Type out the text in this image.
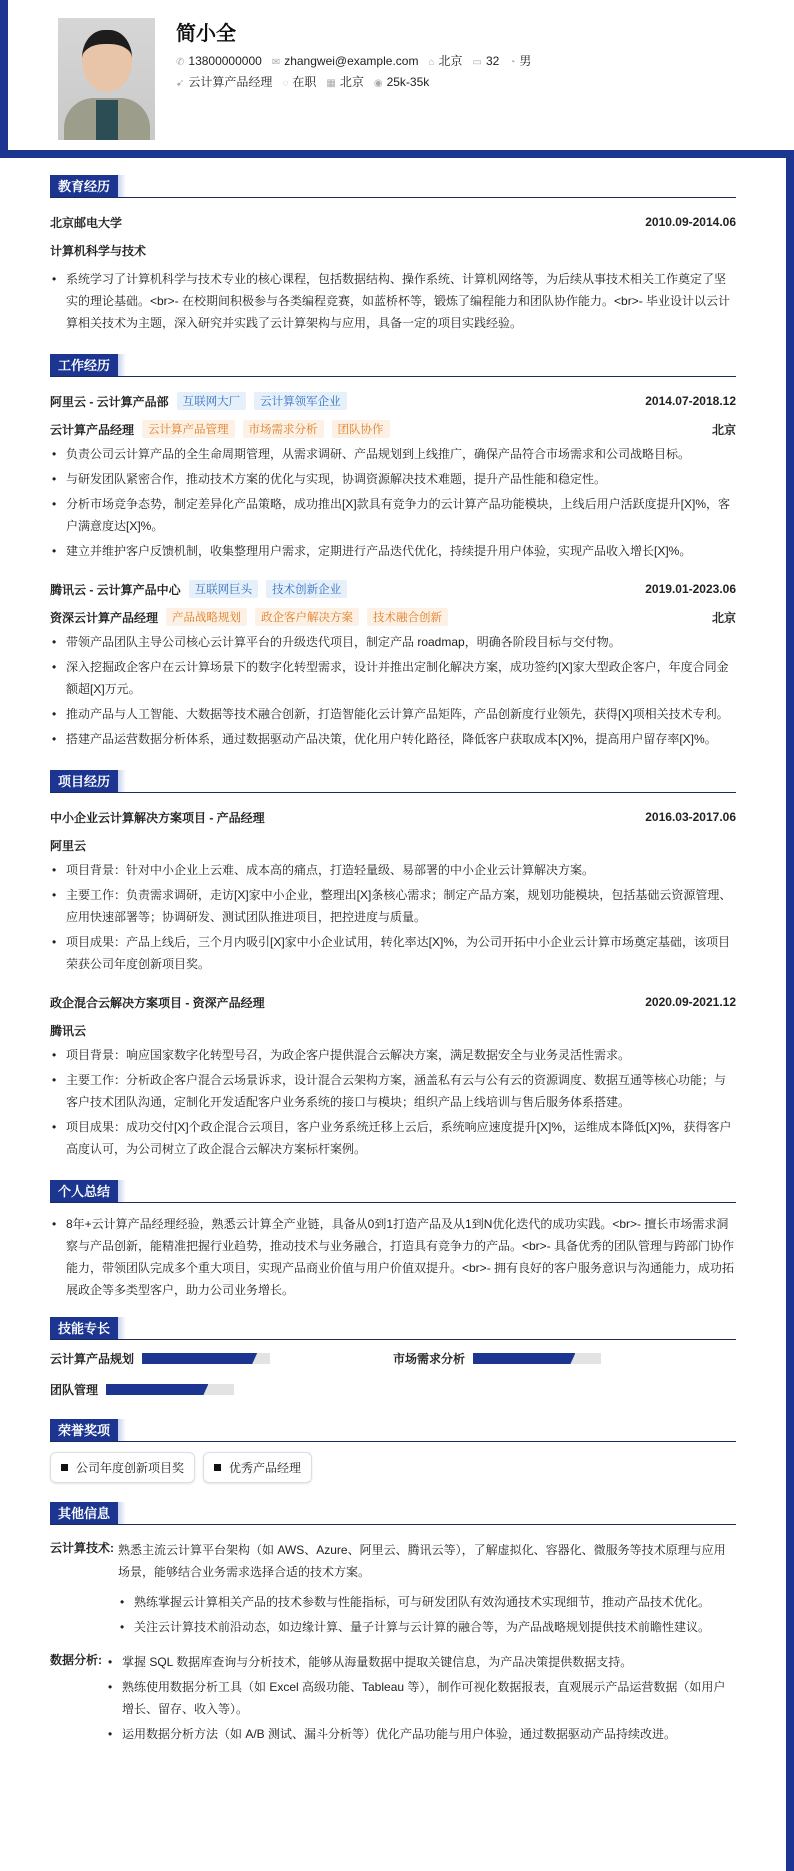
简小全
✆ 13800000000 ✉ zhangwei@example.com ⌂ 北京 ▭ 32 ◔ 男
➹ 云计算产品经理 ◌ 在职 ▦ 北京 ◉ 25k-35k
教育经历
北京邮电大学	2010.09-2014.06
计算机科学与技术
• 系统学习了计算机科学与技术专业的核心课程，包括数据结构、操作系统、计算机网络等，为后续从事技术相关工作奠定了坚实的理论基础。<br>- 在校期间积极参与各类编程竞赛，如蓝桥杯等，锻炼了编程能力和团队协作能力。<br>- 毕业设计以云计算相关技术为主题，深入研究并实践了云计算架构与应用，具备一定的项目实践经验。
工作经历
阿里云 - 云计算产品部	互联网大厂	云计算领军企业	2014.07-2018.12
云计算产品经理	云计算产品管理	市场需求分析	团队协作	北京
• 负责公司云计算产品的全生命周期管理，从需求调研、产品规划到上线推广，确保产品符合市场需求和公司战略目标。
• 与研发团队紧密合作，推动技术方案的优化与实现，协调资源解决技术难题，提升产品性能和稳定性。
• 分析市场竞争态势，制定差异化产品策略，成功推出[X]款具有竞争力的云计算产品功能模块，上线后用户活跃度提升[X]%，客户满意度达[X]%。
• 建立并维护客户反馈机制，收集整理用户需求，定期进行产品迭代优化，持续提升用户体验，实现产品收入增长[X]%。
腾讯云 - 云计算产品中心	互联网巨头	技术创新企业	2019.01-2023.06
资深云计算产品经理	产品战略规划	政企客户解决方案	技术融合创新	北京
• 带领产品团队主导公司核心云计算平台的升级迭代项目，制定产品 roadmap，明确各阶段目标与交付物。
• 深入挖掘政企客户在云计算场景下的数字化转型需求，设计并推出定制化解决方案，成功签约[X]家大型政企客户，年度合同金额超[X]万元。
• 推动产品与人工智能、大数据等技术融合创新，打造智能化云计算产品矩阵，产品创新度行业领先，获得[X]项相关技术专利。
• 搭建产品运营数据分析体系，通过数据驱动产品决策，优化用户转化路径，降低客户获取成本[X]%，提高用户留存率[X]%。
项目经历
中小企业云计算解决方案项目 - 产品经理	2016.03-2017.06
阿里云
• 项目背景：针对中小企业上云难、成本高的痛点，打造轻量级、易部署的中小企业云计算解决方案。
• 主要工作：负责需求调研，走访[X]家中小企业，整理出[X]条核心需求；制定产品方案，规划功能模块，包括基础云资源管理、应用快速部署等；协调研发、测试团队推进项目，把控进度与质量。
• 项目成果：产品上线后，三个月内吸引[X]家中小企业试用，转化率达[X]%，为公司开拓中小企业云计算市场奠定基础，该项目荣获公司年度创新项目奖。
政企混合云解决方案项目 - 资深产品经理	2020.09-2021.12
腾讯云
• 项目背景：响应国家数字化转型号召，为政企客户提供混合云解决方案，满足数据安全与业务灵活性需求。
• 主要工作：分析政企客户混合云场景诉求，设计混合云架构方案，涵盖私有云与公有云的资源调度、数据互通等核心功能；与客户技术团队沟通，定制化开发适配客户业务系统的接口与模块；组织产品上线培训与售后服务体系搭建。
• 项目成果：成功交付[X]个政企混合云项目，客户业务系统迁移上云后，系统响应速度提升[X]%，运维成本降低[X]%，获得客户高度认可，为公司树立了政企混合云解决方案标杆案例。
个人总结
• 8年+云计算产品经理经验，熟悉云计算全产业链，具备从0到1打造产品及从1到N优化迭代的成功实践。<br>- 擅长市场需求洞察与产品创新，能精准把握行业趋势，推动技术与业务融合，打造具有竞争力的产品。<br>- 具备优秀的团队管理与跨部门协作能力，带领团队完成多个重大项目，实现产品商业价值与用户价值双提升。<br>- 拥有良好的客户服务意识与沟通能力，成功拓展政企等多类型客户，助力公司业务增长。
技能专长
云计算产品规划	市场需求分析
团队管理
荣誉奖项
公司年度创新项目奖	优秀产品经理
其他信息
云计算技术: 熟悉主流云计算平台架构（如 AWS、Azure、阿里云、腾讯云等），了解虚拟化、容器化、微服务等技术原理与应用场景，能够结合业务需求选择合适的技术方案。
• 熟练掌握云计算相关产品的技术参数与性能指标，可与研发团队有效沟通技术实现细节，推动产品技术优化。
• 关注云计算技术前沿动态，如边缘计算、量子计算与云计算的融合等，为产品战略规划提供技术前瞻性建议。
数据分析:	• 掌握 SQL 数据库查询与分析技术，能够从海量数据中提取关键信息，为产品决策提供数据支持。
• 熟练使用数据分析工具（如 Excel 高级功能、Tableau 等），制作可视化数据报表，直观展示产品运营数据（如用户增长、留存、收入等）。
• 运用数据分析方法（如 A/B 测试、漏斗分析等）优化产品功能与用户体验，通过数据驱动产品持续改进。
